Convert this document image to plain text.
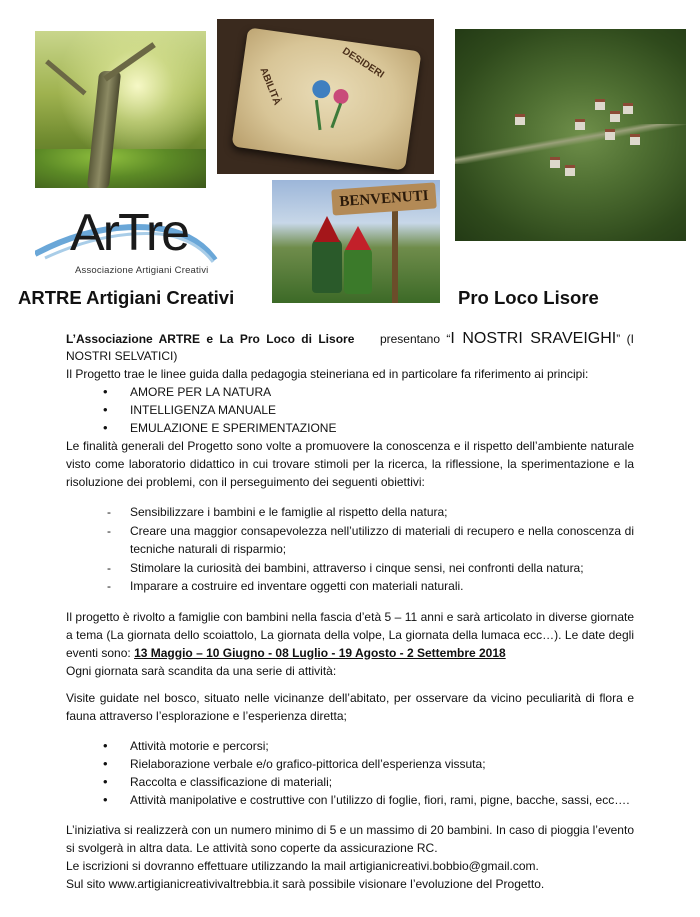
DESIDERI
ABILITÀ
BENVENUTI
ArTre
Associazione Artigiani Creativi
ARTRE Artigiani Creativi	Pro Loco Lisore

L’Associazione ARTRE e La Pro Loco di Lisore presentano “I NOSTRI SRAVEIGHI” (I NOSTRI SELVATICI)

Il Progetto trae le linee guida dalla pedagogia steineriana ed in particolare fa riferimento ai principi:

• AMORE PER LA NATURA
• INTELLIGENZA MANUALE
• EMULAZIONE E SPERIMENTAZIONE

Le finalità generali del Progetto sono volte a promuovere la conoscenza e il rispetto dell’ambiente naturale visto come laboratorio didattico in cui trovare stimoli per la ricerca, la riflessione, la sperimentazione e la risoluzione dei problemi, con il perseguimento dei seguenti obiettivi:

- Sensibilizzare i bambini e le famiglie al rispetto della natura;
- Creare una maggior consapevolezza nell’utilizzo di materiali di recupero e nella conoscenza di tecniche naturali di risparmio;
- Stimolare la curiosità dei bambini, attraverso i cinque sensi, nei confronti della natura;
- Imparare a costruire ed inventare oggetti con materiali naturali.

Il progetto è rivolto a famiglie con bambini nella fascia d’età 5 – 11 anni e sarà articolato in diverse giornate a tema (La giornata dello scoiattolo, La giornata della volpe, La giornata della lumaca ecc…). Le date degli eventi sono: 13 Maggio – 10 Giugno - 08 Luglio - 19 Agosto - 2 Settembre 2018

Ogni giornata sarà scandita da una serie di attività:

Visite guidate nel bosco, situato nelle vicinanze dell’abitato, per osservare da vicino peculiarità di flora e fauna attraverso l’esplorazione e l’esperienza diretta;

• Attività motorie e percorsi;
• Rielaborazione verbale e/o grafico-pittorica dell’esperienza vissuta;
• Raccolta e classificazione di materiali;
• Attività manipolative e costruttive con l’utilizzo di foglie, fiori, rami, pigne, bacche, sassi, ecc….

L’iniziativa si realizzerà con un numero minimo di 5 e un massimo di 20 bambini. In caso di pioggia l’evento si svolgerà in altra data. Le attività sono coperte da assicurazione RC.

Le iscrizioni si dovranno effettuare utilizzando la mail artigianicreativi.bobbio@gmail.com.

Sul sito www.artigianicreativivaltrebbia.it sarà possibile visionare l’evoluzione del Progetto.
